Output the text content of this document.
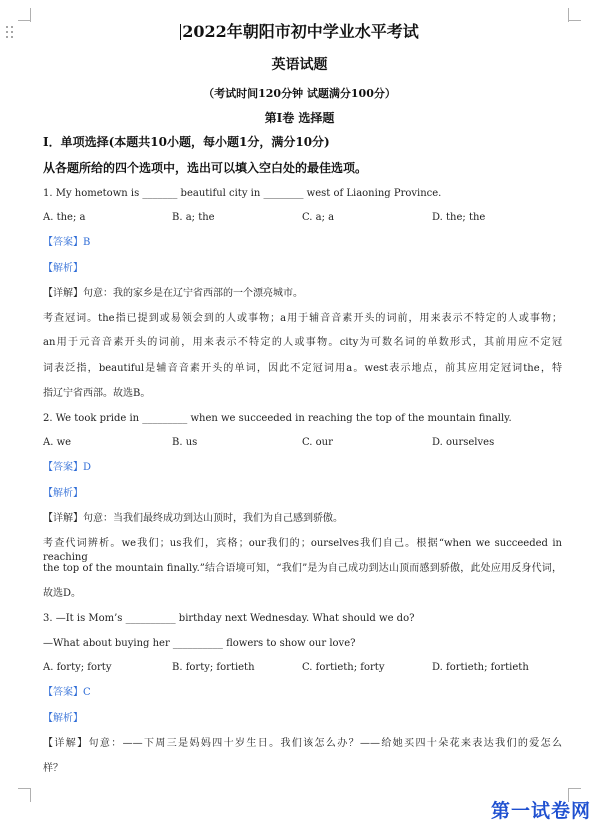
2022年朝阳市初中学业水平考试
英语试题
（考试时间120分钟 试题满分100分）
第Ⅰ卷 选择题
Ⅰ．单项选择(本题共10小题，每小题1分，满分10分)
从各题所给的四个选项中，选出可以填入空白处的最佳选项。
1. My hometown is _______ beautiful city in ________ west of Liaoning Province.
A. the; a	B. a; the	C. a; a	D. the; the
【答案】B
【解析】
【详解】句意：我的家乡是在辽宁省西部的一个漂亮城市。
考查冠词。the指已提到或易领会到的人或事物；a用于辅音音素开头的词前，用来表示不特定的人或事物；
an用于元音音素开头的词前，用来表示不特定的人或事物。city为可数名词的单数形式，其前用应不定冠
词表泛指，beautiful是辅音音素开头的单词，因此不定冠词用a。west表示地点，前其应用定冠词the，特
指辽宁省西部。故选B。
2. We took pride in _________ when we succeeded in reaching the top of the mountain finally.
A. we	B. us	C. our	D. ourselves
【答案】D
【解析】
【详解】句意：当我们最终成功到达山顶时，我们为自己感到骄傲。
考查代词辨析。we我们；us我们，宾格；our我们的；ourselves我们自己。根据“when we succeeded in reaching
the top of the mountain finally.”结合语境可知，“我们”是为自己成功到达山顶而感到骄傲，此处应用反身代词，
故选D。
3. —It is Mom’s __________ birthday next Wednesday. What should we do?
—What about buying her __________ flowers to show our love?
A. forty; forty	B. forty; fortieth	C. fortieth; forty	D. fortieth; fortieth
【答案】C
【解析】
【详解】句意：——下周三是妈妈四十岁生日。我们该怎么办？——给她买四十朵花来表达我们的爱怎么
样？
第一试卷网
